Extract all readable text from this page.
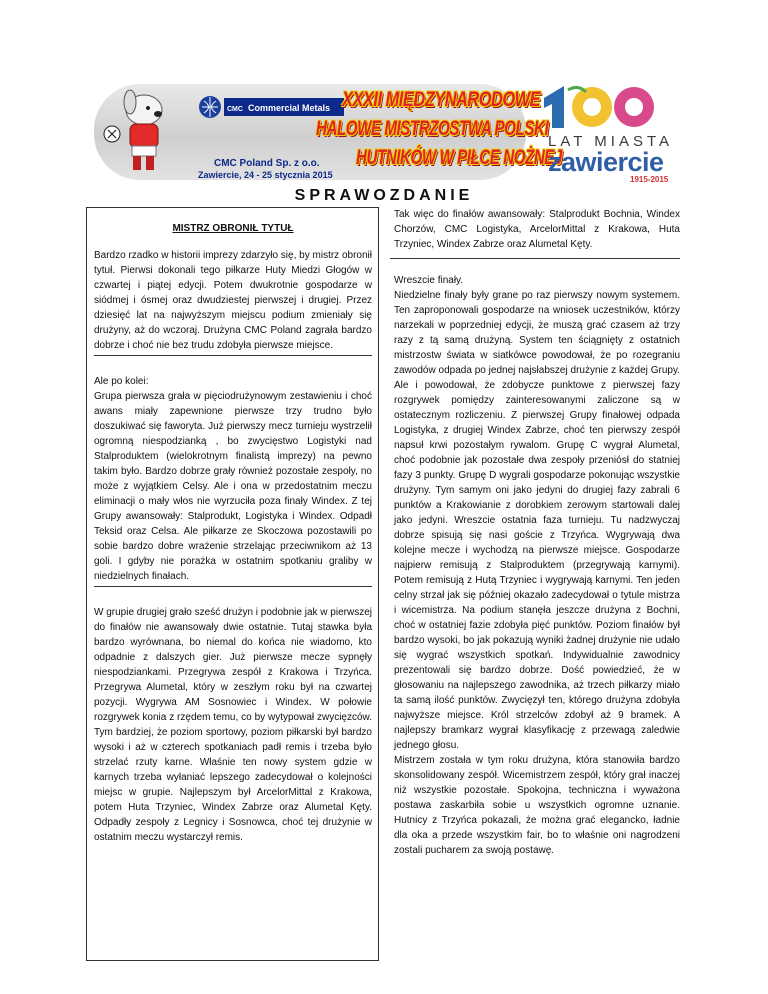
CMC Commercial Metals XXXII MIĘDZYNARODOWE
HALOWE MISTRZOSTWA POLSKI
HUTNIKÓW W PIŁCE NOŻNEJ
CMC Poland Sp. z o.o.
Zawiercie, 24 - 25 stycznia 2015
LAT MIASTA
zawiercie
1915-2015
SPRAWOZDANIE
MISTRZ OBRONIŁ TYTUŁ

Bardzo rzadko w historii imprezy zdarzyło się, by mistrz obronił tytuł. Pierwsi dokonali tego piłkarze Huty Miedzi Głogów w czwartej i piątej edycji. Potem dwukrotnie gospodarze w siódmej i ósmej oraz dwudziestej pierwszej i drugiej. Przez dziesięć lat na najwyższym miejscu podium zmieniały się drużyny, aż do wczoraj. Drużyna CMC Poland zagrała bardzo dobrze i choć nie bez trudu zdobyła pierwsze miejsce.

Ale po kolei:
Grupa pierwsza grała w pięciodrużynowym zestawieniu i choć awans miały zapewnione pierwsze trzy trudno było doszukiwać się faworyta. Już pierwszy mecz turnieju wystrzelił ogromną niespodzianką , bo zwycięstwo Logistyki nad Stalproduktem (wielokrotnym finalistą imprezy) na pewno takim było. Bardzo dobrze grały również pozostałe zespoły, no może z wyjątkiem Celsy. Ale i ona w przedostatnim meczu eliminacji o mały włos nie wyrzuciła poza finały Windex. Z tej Grupy awansowały: Stalprodukt, Logistyka i Windex. Odpadł Teksid oraz Celsa. Ale piłkarze ze Skoczowa pozostawili po sobie bardzo dobre wrażenie strzelając przeciwnikom aż 13 goli. I gdyby nie porażka w ostatnim spotkaniu graliby w niedzielnych finałach.

W grupie drugiej grało sześć drużyn i podobnie jak w pierwszej do finałów nie awansowały dwie ostatnie. Tutaj stawka była bardzo wyrównana, bo niemal do końca nie wiadomo, kto odpadnie z dalszych gier. Już pierwsze mecze sypnęły niespodziankami. Przegrywa zespół z Krakowa i Trzyńca. Przegrywa Alumetal, który w zeszłym roku był na czwartej pozycji. Wygrywa AM Sosnowiec i Windex. W połowie rozgrywek konia z rzędem temu, co by wytypował zwycięzców. Tym bardziej, że poziom sportowy, poziom piłkarski był bardzo wysoki i aż w czterech spotkaniach padł remis i trzeba było strzelać rzuty karne. Właśnie ten nowy system gdzie w karnych trzeba wyłaniać lepszego zadecydował o kolejności miejsc w grupie. Najlepszym był ArcelorMittal z Krakowa, potem Huta Trzyniec, Windex Zabrze oraz Alumetal Kęty. Odpadły zespoły z Legnicy i Sosnowca, choć tej drużynie w ostatnim meczu wystarczył remis.

Tak więc do finałów awansowały: Stalprodukt Bochnia, Windex Chorzów, CMC Logistyka, ArcelorMittal z Krakowa, Huta Trzyniec, Windex Zabrze oraz Alumetal Kęty.

Wreszcie finały.
Niedzielne finały były grane po raz pierwszy nowym systemem. Ten zaproponowali gospodarze na wniosek uczestników, którzy narzekali w poprzedniej edycji, że muszą grać czasem aż trzy razy z tą samą drużyną. System ten ściągnięty z ostatnich mistrzostw świata w siatkówce powodował, że po rozegraniu zawodów odpada po jednej najsłabszej drużynie z każdej Grupy. Ale i powodował, że zdobycze punktowe z pierwszej fazy rozgrywek pomiędzy zainteresowanymi zaliczone są w ostatecznym rozliczeniu. Z pierwszej Grupy finałowej odpada Logistyka, z drugiej Windex Zabrze, choć ten pierwszy zespół napsuł krwi pozostałym rywalom. Grupę C wygrał Alumetal, choć podobnie jak pozostałe dwa zespoły przeniósł do statniej fazy 3 punkty. Grupę D wygrali gospodarze pokonując wszystkie drużyny. Tym samym oni jako jedyni do drugiej fazy zabrali 6 punktów a Krakowianie z dorobkiem zerowym startowali dalej jako jedyni. Wreszcie ostatnia faza turnieju. Tu nadzwyczaj dobrze spisują się nasi goście z Trzyńca. Wygrywają dwa kolejne mecze i wychodzą na pierwsze miejsce. Gospodarze najpierw remisują z Stalproduktem (przegrywają karnymi). Potem remisują z Hutą Trzyniec i wygrywają karnymi. Ten jeden celny strzał jak się później okazało zadecydował o tytule mistrza i wicemistrza. Na podium stanęła jeszcze drużyna z Bochni, choć w ostatniej fazie zdobyła pięć punktów. Poziom finałów był bardzo wysoki, bo jak pokazują wyniki żadnej drużynie nie udało się wygrać wszystkich spotkań. Indywidualnie zawodnicy prezentowali się bardzo dobrze. Dość powiedzieć, że w głosowaniu na najlepszego zawodnika, aż trzech piłkarzy miało ta samą ilość punktów. Zwycięzył ten, którego drużyna zdobyła najwyższe miejsce. Król strzelców zdobył aż 9 bramek. A najlepszy bramkarz wygrał klasyfikację z przewagą zaledwie jednego głosu.
Mistrzem została w tym roku drużyna, która stanowiła bardzo skonsolidowany zespół. Wicemistrzem zespół, który grał inaczej niż wszystkie pozostałe. Spokojna, techniczna i wyważona postawa zaskarbiła sobie u wszystkich ogromne uznanie. Hutnicy z Trzyńca pokazali, że można grać elegancko, ładnie dla oka a przede wszystkim fair, bo to właśnie oni nagrodzeni zostali pucharem za swoją postawę.
